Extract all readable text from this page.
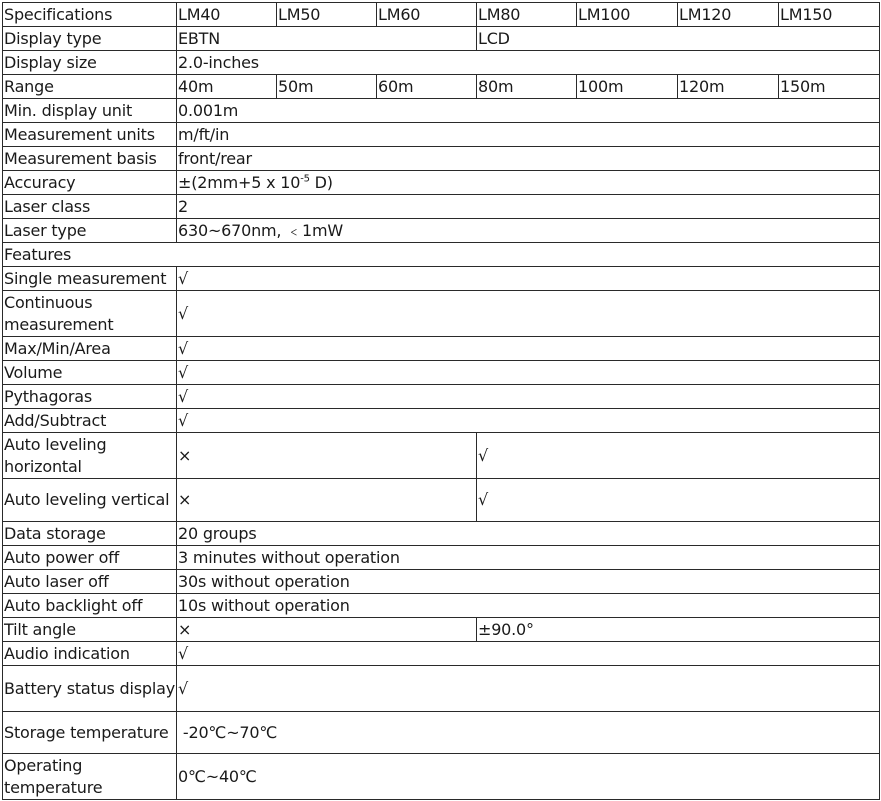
Specifications	LM40	LM50	LM60	LM80	LM100	LM120	LM150
Display type	EBTN			LCD			
Display size	2.0-inches						
Range	40m	50m	60m	80m	100m	120m	150m
Min. display unit	0.001m						
Measurement units	m/ft/in						
Measurement basis	front/rear						
Accuracy	±(2mm+5 x $10^{-5}$ D)						
Laser class	2						
Laser type	630~670nm, ﹤1mW						
Features							
Single measurement	√						
Continuous measurement	√						
Max/Min/Area	√						
Volume	√						
Pythagoras	√						
Add/Subtract	√						
Auto leveling horizontal	×			√			
Auto leveling vertical	×			√			
Data storage	20 groups						
Auto power off	3 minutes without operation						
Auto laser off	30s without operation						
Auto backlight off	10s without operation						
Tilt angle	×			±90.0°			
Audio indication	√						
Battery status display	√						
Storage temperature	-20℃~70℃						
Operating temperature	0℃~40℃						
